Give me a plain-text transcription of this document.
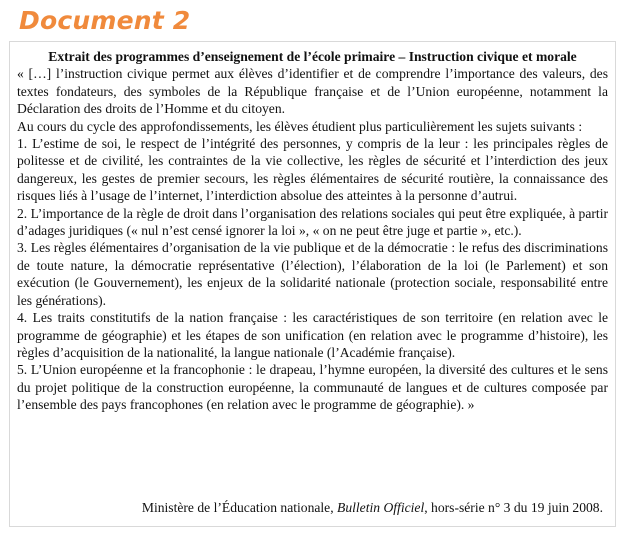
Document 2

Extrait des programmes d’enseignement de l’école primaire – Instruction civique et morale

« […] l’instruction civique permet aux élèves d’identifier et de comprendre l’importance des valeurs, des textes fondateurs, des symboles de la République française et de l’Union européenne, notamment la Déclaration des droits de l’Homme et du citoyen.

Au cours du cycle des approfondissements, les élèves étudient plus particulièrement les sujets suivants :

1. L’estime de soi, le respect de l’intégrité des personnes, y compris de la leur : les principales règles de politesse et de civilité, les contraintes de la vie collective, les règles de sécurité et l’interdiction des jeux dangereux, les gestes de premier secours, les règles élémentaires de sécurité routière, la connaissance des risques liés à l’usage de l’internet, l’interdiction absolue des atteintes à la personne d’autrui.

2. L’importance de la règle de droit dans l’organisation des relations sociales qui peut être expliquée, à partir d’adages juridiques (« nul n’est censé ignorer la loi », « on ne peut être juge et partie », etc.).

3. Les règles élémentaires d’organisation de la vie publique et de la démocratie : le refus des discriminations de toute nature, la démocratie représentative (l’élection), l’élaboration de la loi (le Parlement) et son exécution (le Gouvernement), les enjeux de la solidarité nationale (protection sociale, responsabilité entre les générations).

4. Les traits constitutifs de la nation française : les caractéristiques de son territoire (en relation avec le programme de géographie) et les étapes de son unification (en relation avec le programme d’histoire), les règles d’acquisition de la nationalité, la langue nationale (l’Académie française).

5. L’Union européenne et la francophonie : le drapeau, l’hymne européen, la diversité des cultures et le sens du projet politique de la construction européenne, la communauté de langues et de cultures composée par l’ensemble des pays francophones (en relation avec le programme de géographie). »

Ministère de l’Éducation nationale, Bulletin Officiel, hors-série n° 3 du 19 juin 2008.
